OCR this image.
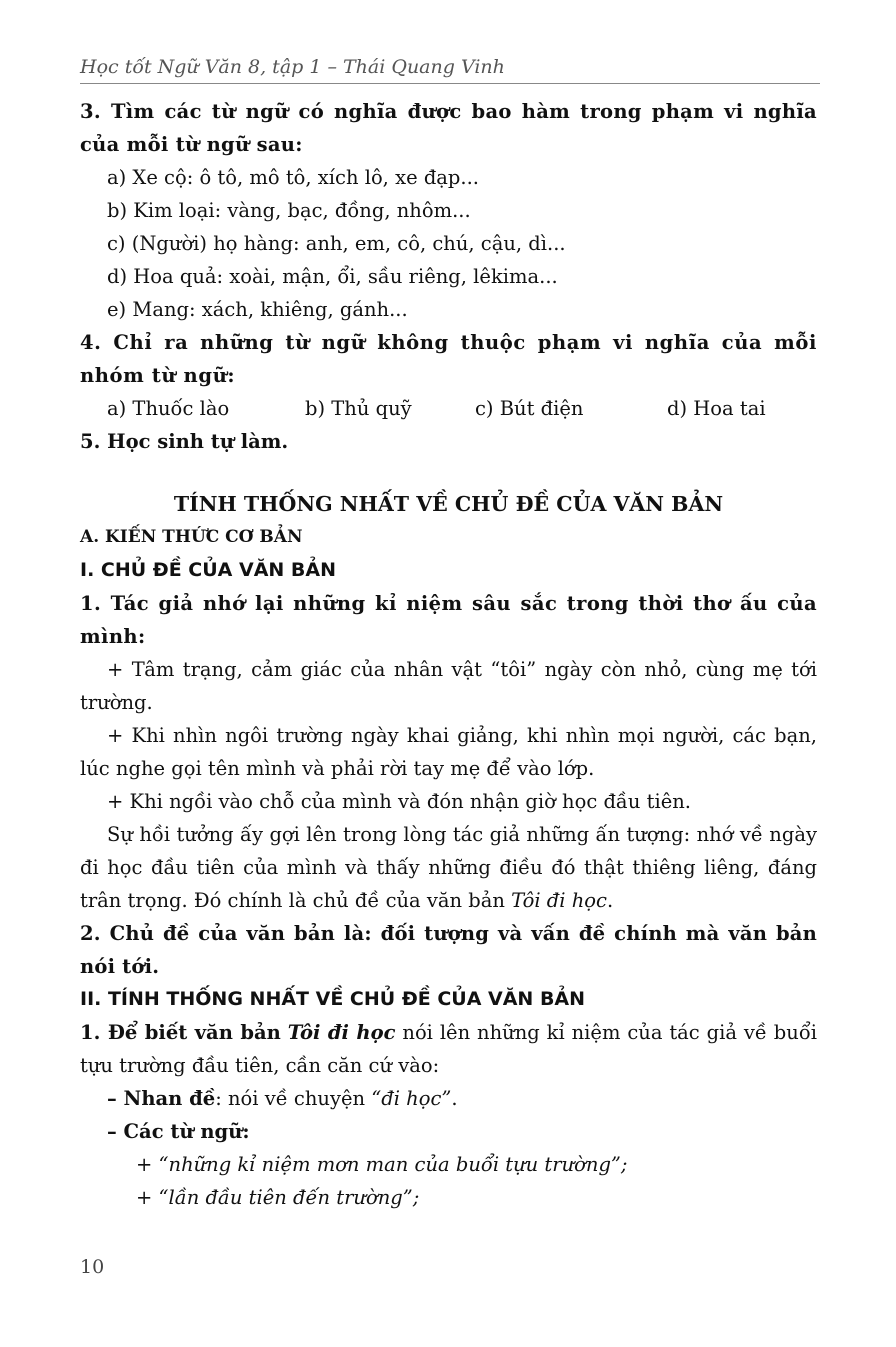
Học tốt Ngữ Văn 8, tập 1 – Thái Quang Vinh

3. Tìm các từ ngữ có nghĩa được bao hàm trong phạm vi nghĩa của mỗi từ ngữ sau:

a) Xe cộ: ô tô, mô tô, xích lô, xe đạp...

b) Kim loại: vàng, bạc, đồng, nhôm...

c) (Người) họ hàng: anh, em, cô, chú, cậu, dì...

d) Hoa quả: xoài, mận, ổi, sầu riêng, lêkima...

e) Mang: xách, khiêng, gánh...

4. Chỉ ra những từ ngữ không thuộc phạm vi nghĩa của mỗi nhóm từ ngữ:

a) Thuốc lào	b) Thủ quỹ	c) Bút điện	d) Hoa tai

5. Học sinh tự làm.

TÍNH THỐNG NHẤT VỀ CHỦ ĐỀ CỦA VĂN BẢN

A. KIẾN THỨC CƠ BẢN

I. CHỦ ĐỀ CỦA VĂN BẢN

1. Tác giả nhớ lại những kỉ niệm sâu sắc trong thời thơ ấu của mình:

+ Tâm trạng, cảm giác của nhân vật “tôi” ngày còn nhỏ, cùng mẹ tới trường.

+ Khi nhìn ngôi trường ngày khai giảng, khi nhìn mọi người, các bạn, lúc nghe gọi tên mình và phải rời tay mẹ để vào lớp.

+ Khi ngồi vào chỗ của mình và đón nhận giờ học đầu tiên.

Sự hồi tưởng ấy gợi lên trong lòng tác giả những ấn tượng: nhớ về ngày đi học đầu tiên của mình và thấy những điều đó thật thiêng liêng, đáng trân trọng. Đó chính là chủ đề của văn bản Tôi đi học.

2. Chủ đề của văn bản là: đối tượng và vấn đề chính mà văn bản nói tới.

II. TÍNH THỐNG NHẤT VỀ CHỦ ĐỀ CỦA VĂN BẢN

1. Để biết văn bản Tôi đi học nói lên những kỉ niệm của tác giả về buổi tựu trường đầu tiên, cần căn cứ vào:

– Nhan đề: nói về chuyện “đi học”.

– Các từ ngữ:

+ “những kỉ niệm mơn man của buổi tựu trường”;

+ “lần đầu tiên đến trường”;

10
